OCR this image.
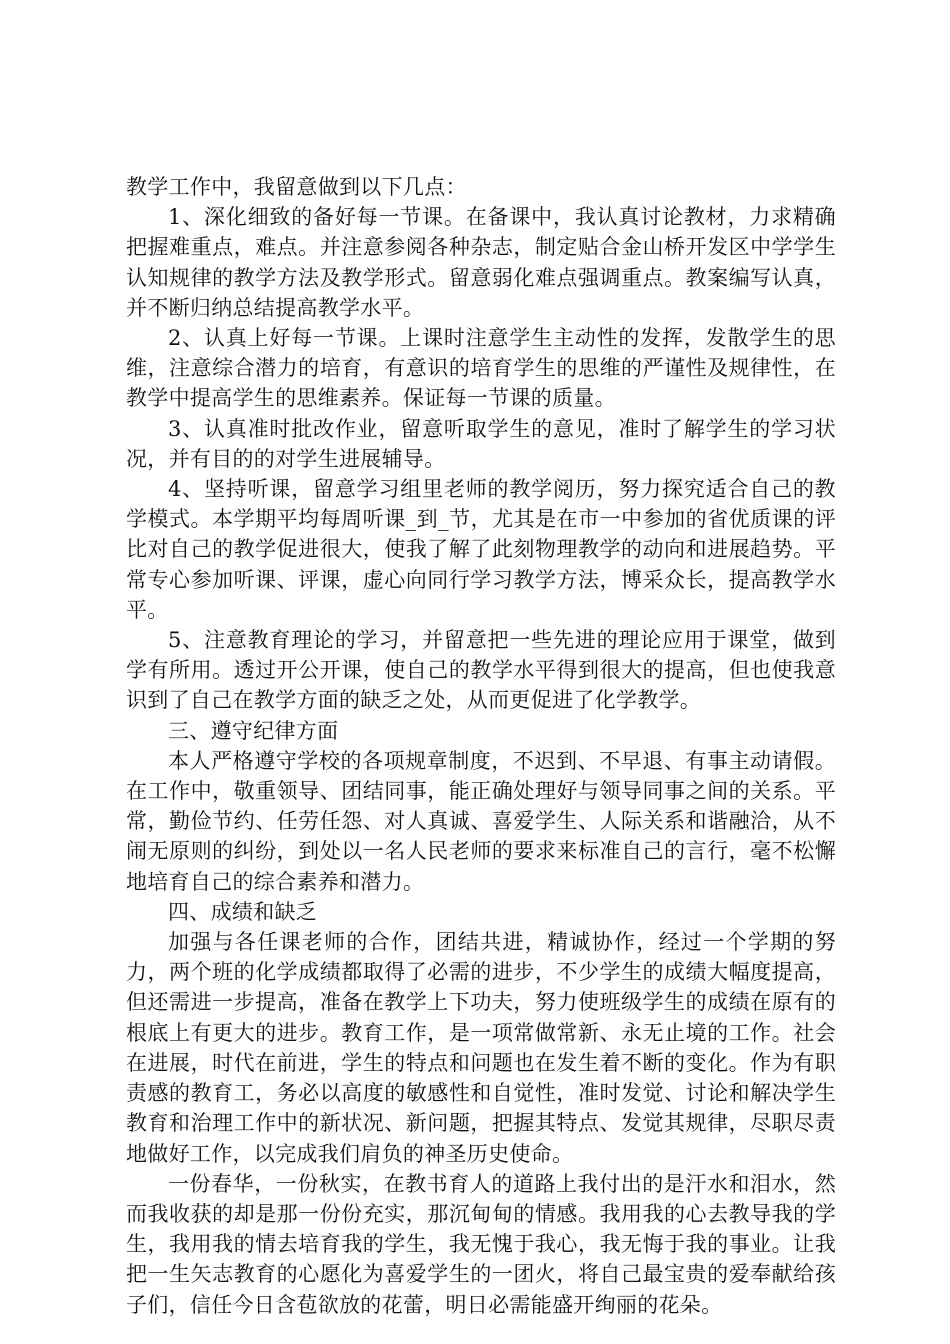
教学工作中，我留意做到以下几点：

1、深化细致的备好每一节课。在备课中，我认真讨论教材，力求精确把握难重点，难点。并注意参阅各种杂志，制定贴合金山桥开发区中学学生认知规律的教学方法及教学形式。留意弱化难点强调重点。教案编写认真，并不断归纳总结提高教学水平。

2、认真上好每一节课。上课时注意学生主动性的发挥，发散学生的思维，注意综合潜力的培育，有意识的培育学生的思维的严谨性及规律性，在教学中提高学生的思维素养。保证每一节课的质量。

3、认真准时批改作业，留意听取学生的意见，准时了解学生的学习状况，并有目的的对学生进展辅导。

4、坚持听课，留意学习组里老师的教学阅历，努力探究适合自己的教学模式。本学期平均每周听课_到_节，尤其是在市一中参加的省优质课的评比对自己的教学促进很大，使我了解了此刻物理教学的动向和进展趋势。平常专心参加听课、评课，虚心向同行学习教学方法，博采众长，提高教学水平。

5、注意教育理论的学习，并留意把一些先进的理论应用于课堂，做到学有所用。透过开公开课，使自己的教学水平得到很大的提高，但也使我意识到了自己在教学方面的缺乏之处，从而更促进了化学教学。

三、遵守纪律方面

本人严格遵守学校的各项规章制度，不迟到、不早退、有事主动请假。在工作中，敬重领导、团结同事，能正确处理好与领导同事之间的关系。平常，勤俭节约、任劳任怨、对人真诚、喜爱学生、人际关系和谐融洽，从不闹无原则的纠纷，到处以一名人民老师的要求来标准自己的言行，毫不松懈地培育自己的综合素养和潜力。

四、成绩和缺乏

加强与各任课老师的合作，团结共进，精诚协作，经过一个学期的努力，两个班的化学成绩都取得了必需的进步，不少学生的成绩大幅度提高，但还需进一步提高，准备在教学上下功夫，努力使班级学生的成绩在原有的根底上有更大的进步。教育工作，是一项常做常新、永无止境的工作。社会在进展，时代在前进，学生的特点和问题也在发生着不断的变化。作为有职责感的教育工，务必以高度的敏感性和自觉性，准时发觉、讨论和解决学生教育和治理工作中的新状况、新问题，把握其特点、发觉其规律，尽职尽责地做好工作，以完成我们肩负的神圣历史使命。

一份春华，一份秋实，在教书育人的道路上我付出的是汗水和泪水，然而我收获的却是那一份份充实，那沉甸甸的情感。我用我的心去教导我的学生，我用我的情去培育我的学生，我无愧于我心，我无悔于我的事业。让我把一生矢志教育的心愿化为喜爱学生的一团火，将自己最宝贵的爱奉献给孩子们，信任今日含苞欲放的花蕾，明日必需能盛开绚丽的花朵。
